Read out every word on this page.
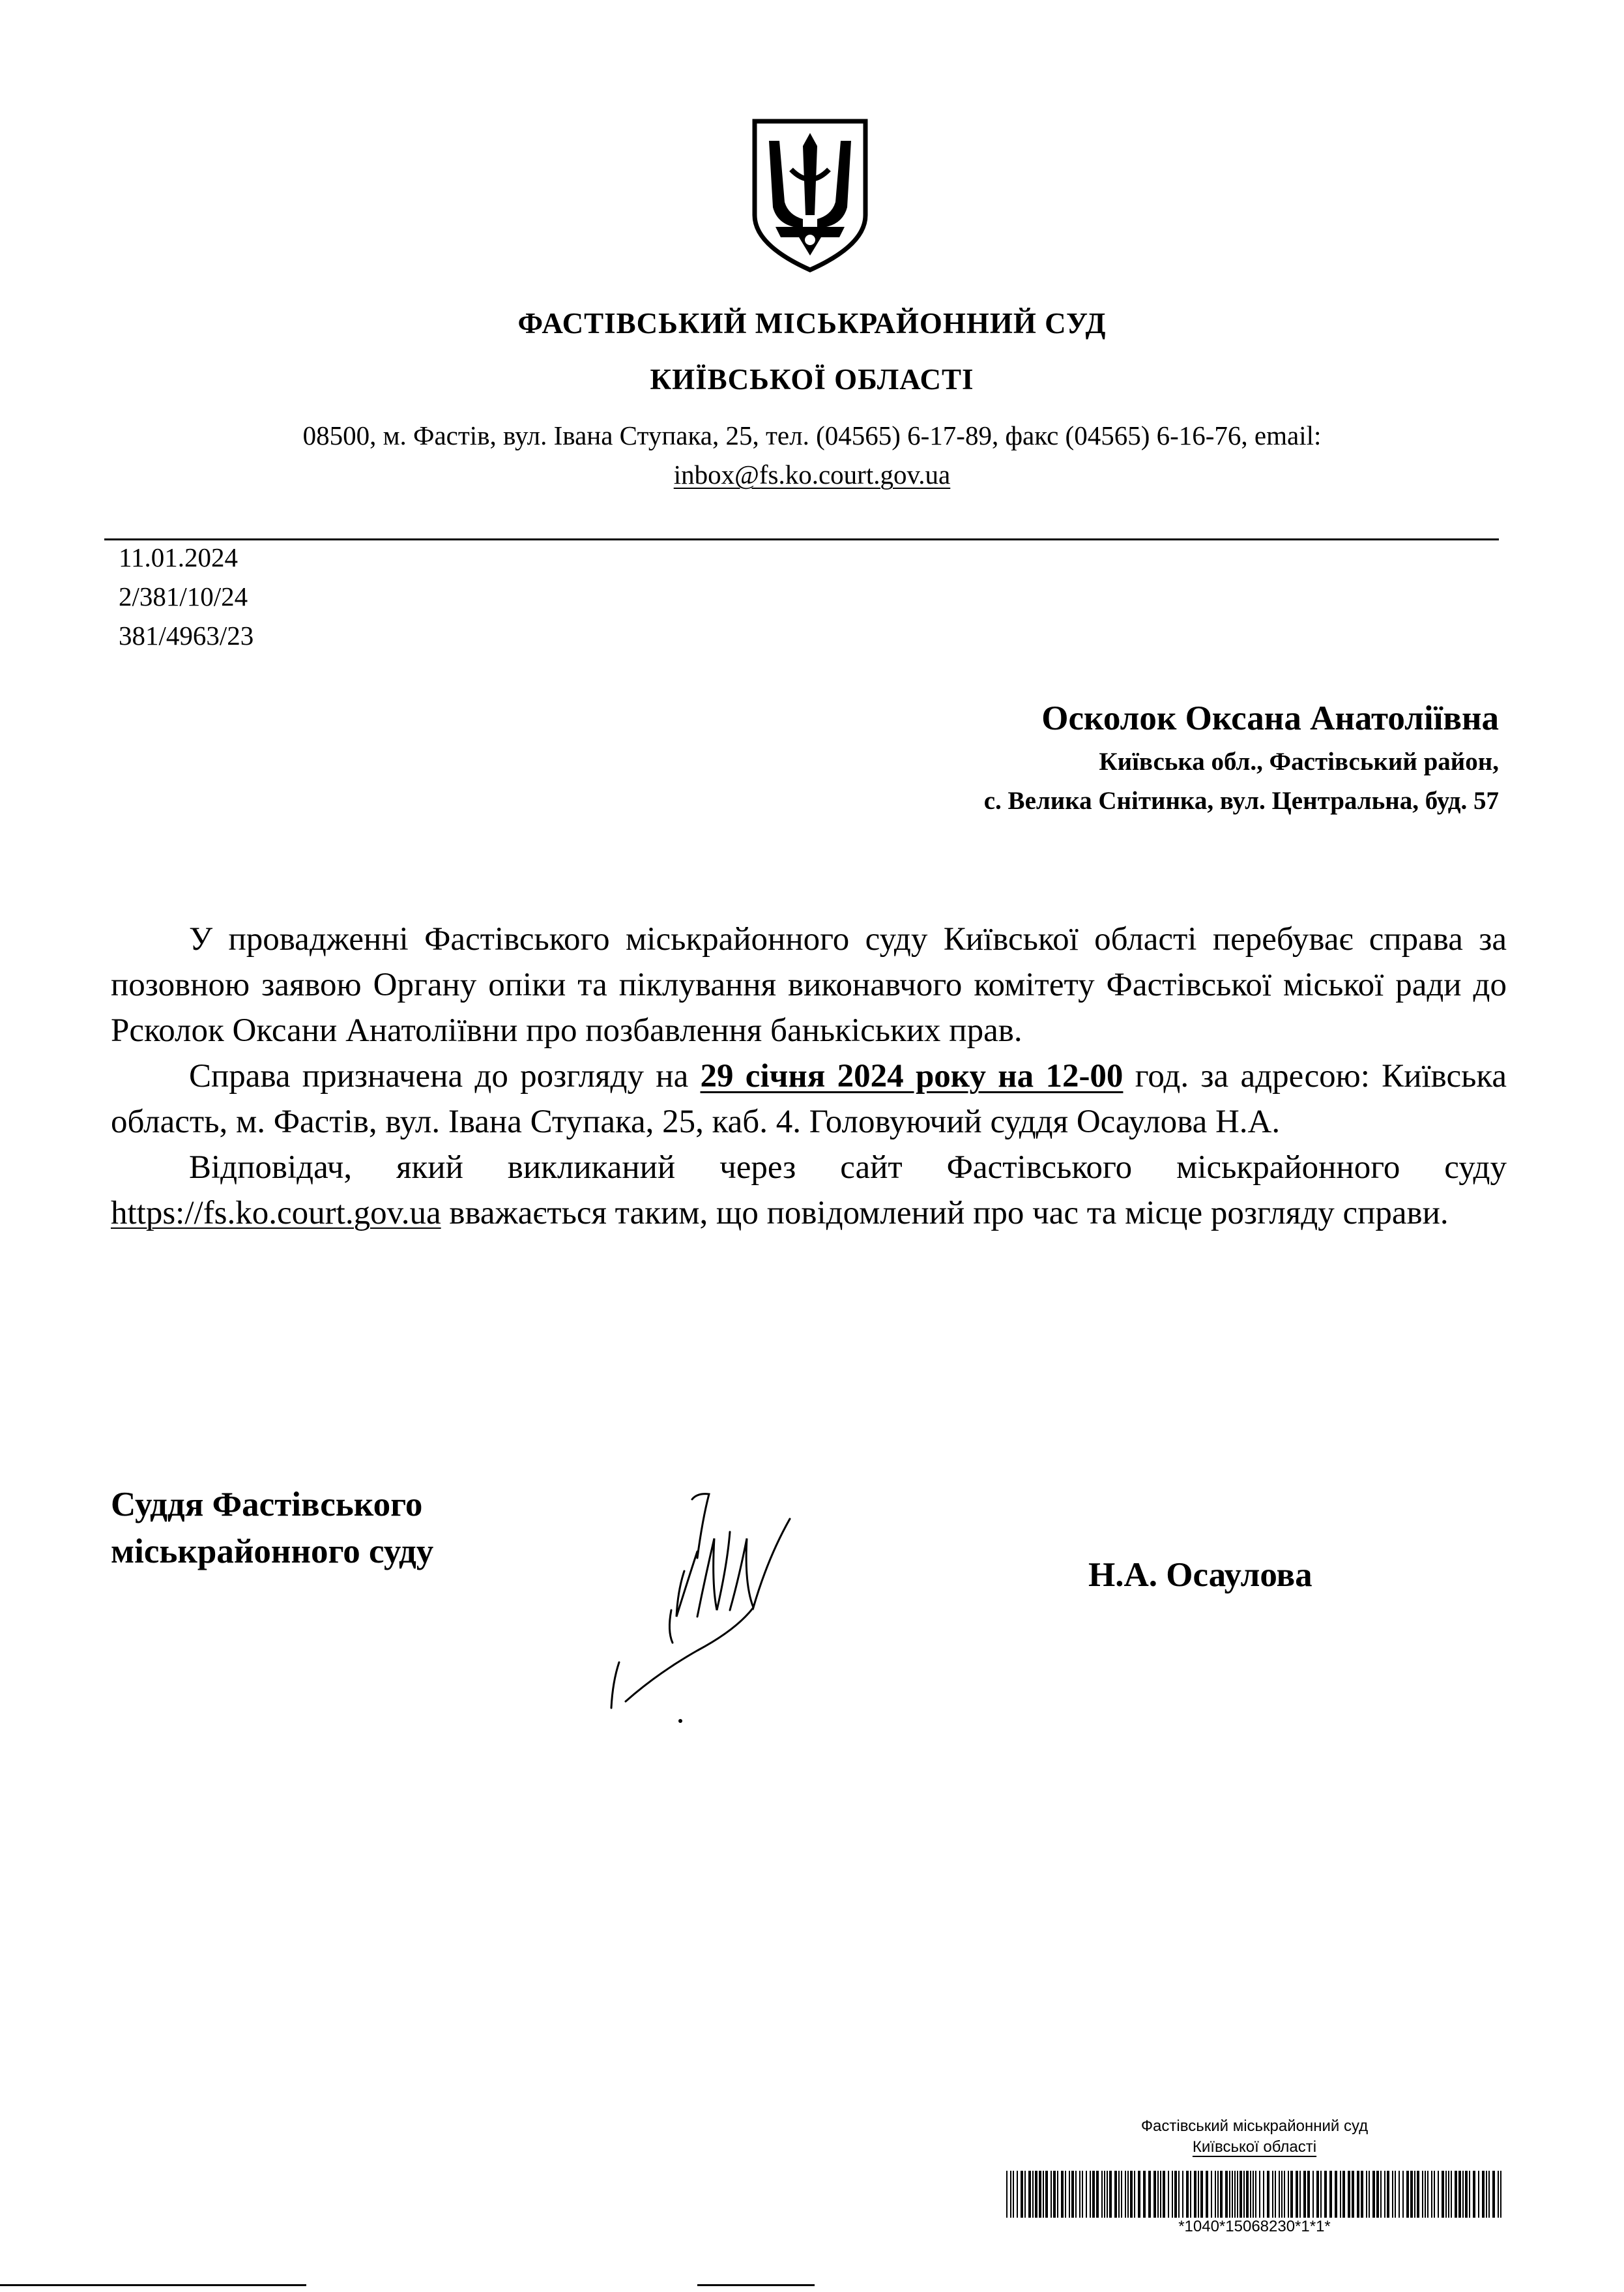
ФАСТІВСЬКИЙ МІСЬКРАЙОННИЙ СУД
КИЇВСЬКОЇ ОБЛАСТІ
08500, м. Фастів, вул. Івана Ступака, 25, тел. (04565) 6-17-89, факс (04565) 6-16-76, email:
inbox@fs.ko.court.gov.ua
11.01.2024
2/381/10/24
381/4963/23
Осколок Оксана Анатоліївна
Київська обл., Фастівський район,
с. Велика Снітинка, вул. Центральна, буд. 57

У провадженні Фастівського міськрайонного суду Київської області перебуває справа за позовною заявою Органу опіки та піклування виконавчого комітету Фастівської міської ради до Рсколок Оксани Анатоліївни про позбавлення банькіських прав.

Справа призначена до розгляду на 29 січня 2024 року на 12-00 год. за адресою: Київська область, м. Фастів, вул. Івана Ступака, 25, каб. 4. Головуючий суддя Осаулова Н.А.

Відповідач, який викликаний через сайт Фастівського міськрайонного суду https://fs.ko.court.gov.ua вважається таким, що повідомлений про час та місце розгляду справи.

Суддя Фастівського
міськрайонного суду
Н.А. Осаулова
Фастівський міськрайонний суд
Київської області
*1040*15068230*1*1*
